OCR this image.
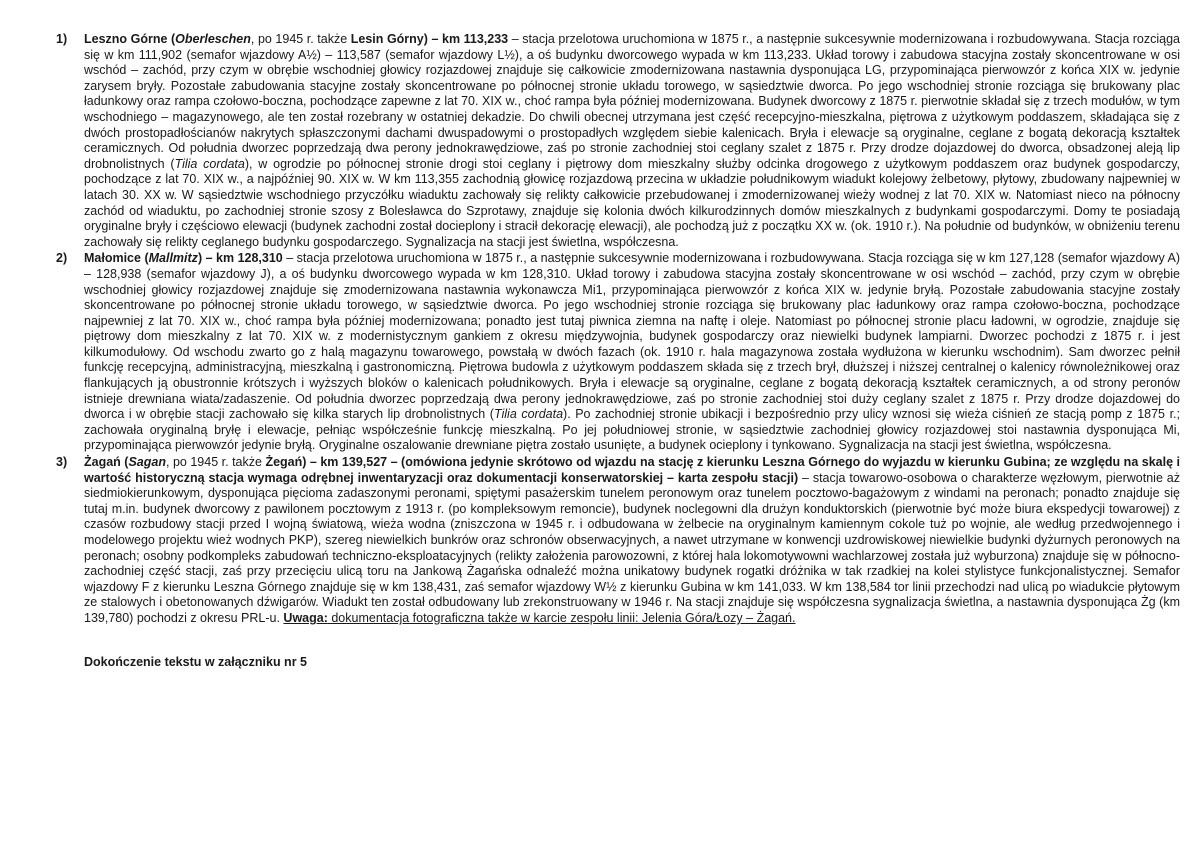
1)	Leszno Górne (Oberleschen, po 1945 r. także Lesin Górny) – km 113,233 – stacja przelotowa uruchomiona w 1875 r., a następnie sukcesywnie modernizowana i rozbudowywana. Stacja rozciąga się w km 111,902 (semafor wjazdowy A½) – 113,587 (semafor wjazdowy L½), a oś budynku dworcowego wypada w km 113,233. Układ torowy i zabudowa stacyjna zostały skoncentrowane w osi wschód – zachód, przy czym w obrębie wschodniej głowicy rozjazdowej znajduje się całkowicie zmodernizowana nastawnia dysponująca LG, przypominająca pierwowzór z końca XIX w. jedynie zarysem bryły. Pozostałe zabudowania stacyjne zostały skoncentrowane po północnej stronie układu torowego, w sąsiedztwie dworca. Po jego wschodniej stronie rozciąga się brukowany plac ładunkowy oraz rampa czołowo-boczna, pochodzące zapewne z lat 70. XIX w., choć rampa była później modernizowana. Budynek dworcowy z 1875 r. pierwotnie składał się z trzech modułów, w tym wschodniego – magazynowego, ale ten został rozebrany w ostatniej dekadzie. Do chwili obecnej utrzymana jest część recepcyjno-mieszkalna, piętrowa z użytkowym poddaszem, składająca się z dwóch prostopadłościanów nakrytych spłaszczonymi dachami dwuspadowymi o prostopadłych względem siebie kalenicach. Bryła i elewacje są oryginalne, ceglane z bogatą dekoracją kształtek ceramicznych. Od południa dworzec poprzedzają dwa perony jednokrawędziowe, zaś po stronie zachodniej stoi ceglany szalet z 1875 r. Przy drodze dojazdowej do dworca, obsadzonej aleją lip drobnolistnych (Tilia cordata), w ogrodzie po północnej stronie drogi stoi ceglany i piętrowy dom mieszkalny służby odcinka drogowego z użytkowym poddaszem oraz budynek gospodarczy, pochodzące z lat 70. XIX w., a najpóźniej 90. XIX w. W km 113,355 zachodnią głowicę rozjazdową przecina w układzie południkowym wiadukt kolejowy żelbetowy, płytowy, zbudowany najpewniej w latach 30. XX w. W sąsiedztwie wschodniego przyczółku wiaduktu zachowały się relikty całkowicie przebudowanej i zmodernizowanej wieży wodnej z lat 70. XIX w. Natomiast nieco na północny zachód od wiaduktu, po zachodniej stronie szosy z Bolesławca do Szprotawy, znajduje się kolonia dwóch kilkurodzinnych domów mieszkalnych z budynkami gospodarczymi. Domy te posiadają oryginalne bryły i częściowo elewacji (budynek zachodni został docieplony i stracił dekorację elewacji), ale pochodzą już z początku XX w. (ok. 1910 r.). Na południe od budynków, w obniżeniu terenu zachowały się relikty ceglanego budynku gospodarczego. Sygnalizacja na stacji jest świetlna, współczesna.
2)	Małomice (Mallmitz) – km 128,310 – stacja przelotowa uruchomiona w 1875 r., a następnie sukcesywnie modernizowana i rozbudowywana. Stacja rozciąga się w km 127,128 (semafor wjazdowy A) – 128,938 (semafor wjazdowy J), a oś budynku dworcowego wypada w km 128,310. Układ torowy i zabudowa stacyjna zostały skoncentrowane w osi wschód – zachód, przy czym w obrębie wschodniej głowicy rozjazdowej znajduje się zmodernizowana nastawnia wykonawcza Mi1, przypominająca pierwowzór z końca XIX w. jedynie bryłą. Pozostałe zabudowania stacyjne zostały skoncentrowane po północnej stronie układu torowego, w sąsiedztwie dworca. Po jego wschodniej stronie rozciąga się brukowany plac ładunkowy oraz rampa czołowo-boczna, pochodzące najpewniej z lat 70. XIX w., choć rampa była później modernizowana; ponadto jest tutaj piwnica ziemna na naftę i oleje. Natomiast po północnej stronie placu ładowni, w ogrodzie, znajduje się piętrowy dom mieszkalny z lat 70. XIX w. z modernistycznym gankiem z okresu międzywojnia, budynek gospodarczy oraz niewielki budynek lampiarni. Dworzec pochodzi z 1875 r. i jest kilkumodułowy. Od wschodu zwarto go z halą magazynu towarowego, powstałą w dwóch fazach (ok. 1910 r. hala magazynowa została wydłużona w kierunku wschodnim). Sam dworzec pełnił funkcję recepcyjną, administracyjną, mieszkalną i gastronomiczną. Piętrowa budowla z użytkowym poddaszem składa się z trzech brył, dłuższej i niższej centralnej o kalenicy równoleżnikowej oraz flankujących ją obustronnie krótszych i wyższych bloków o kalenicach południkowych. Bryła i elewacje są oryginalne, ceglane z bogatą dekoracją kształtek ceramicznych, a od strony peronów istnieje drewniana wiata/zadaszenie. Od południa dworzec poprzedzają dwa perony jednokrawędziowe, zaś po stronie zachodniej stoi duży ceglany szalet z 1875 r. Przy drodze dojazdowej do dworca i w obrębie stacji zachowało się kilka starych lip drobnolistnych (Tilia cordata). Po zachodniej stronie ubikacji i bezpośrednio przy ulicy wznosi się wieża ciśnień ze stacją pomp z 1875 r.; zachowała oryginalną bryłę i elewacje, pełniąc współcześnie funkcję mieszkalną. Po jej południowej stronie, w sąsiedztwie zachodniej głowicy rozjazdowej stoi nastawnia dysponująca Mi, przypominająca pierwowzór jedynie bryłą. Oryginalne oszalowanie drewniane piętra zostało usunięte, a budynek ocieplony i tynkowano. Sygnalizacja na stacji jest świetlna, współczesna.
3)	Żagań (Sagan, po 1945 r. także Żegań) – km 139,527 – (omówiona jedynie skrótowo od wjazdu na stację z kierunku Leszna Górnego do wyjazdu w kierunku Gubina; ze względu na skalę i wartość historyczną stacja wymaga odrębnej inwentaryzacji oraz dokumentacji konserwatorskiej – karta zespołu stacji) – stacja towarowo-osobowa o charakterze węzłowym, pierwotnie aż siedmiokierunkowym, dysponująca pięcioma zadaszonymi peronami, spiętymi pasażerskim tunelem peronowym oraz tunelem pocztowo-bagażowym z windami na peronach; ponadto znajduje się tutaj m.in. budynek dworcowy z pawilonem pocztowym z 1913 r. (po kompleksowym remoncie), budynek noclegowni dla drużyn konduktorskich (pierwotnie być może biura ekspedycji towarowej) z czasów rozbudowy stacji przed I wojną światową, wieża wodna (zniszczona w 1945 r. i odbudowana w żelbecie na oryginalnym kamiennym cokole tuż po wojnie, ale według przedwojennego i modelowego projektu wież wodnych PKP), szereg niewielkich bunkrów oraz schronów obserwacyjnych, a nawet utrzymane w konwencji uzdrowiskowej niewielkie budynki dyżurnych peronowych na peronach; osobny podkompleks zabudowań techniczno-eksploatacyjnych (relikty założenia parowozowni, z której hala lokomotywowni wachlarzowej została już wyburzona) znajduje się w północno-zachodniej część stacji, zaś przy przecięciu ulicą toru na Jankową Żagańska odnaleźć można unikatowy budynek rogatki dróżnika w tak rzadkiej na kolei stylistyce funkcjonalistycznej. Semafor wjazdowy F z kierunku Leszna Górnego znajduje się w km 138,431, zaś semafor wjazdowy W½ z kierunku Gubina w km 141,033. W km 138,584 tor linii przechodzi nad ulicą po wiadukcie płytowym ze stalowych i obetonowanych dźwigarów. Wiadukt ten został odbudowany lub zrekonstruowany w 1946 r. Na stacji znajduje się współczesna sygnalizacja świetlna, a nastawnia dysponująca Żg (km 139,780) pochodzi z okresu PRL-u. Uwaga: dokumentacja fotograficzna także w karcie zespołu linii: Jelenia Góra/Łozy – Żagań.
Dokończenie tekstu w załączniku nr 5
